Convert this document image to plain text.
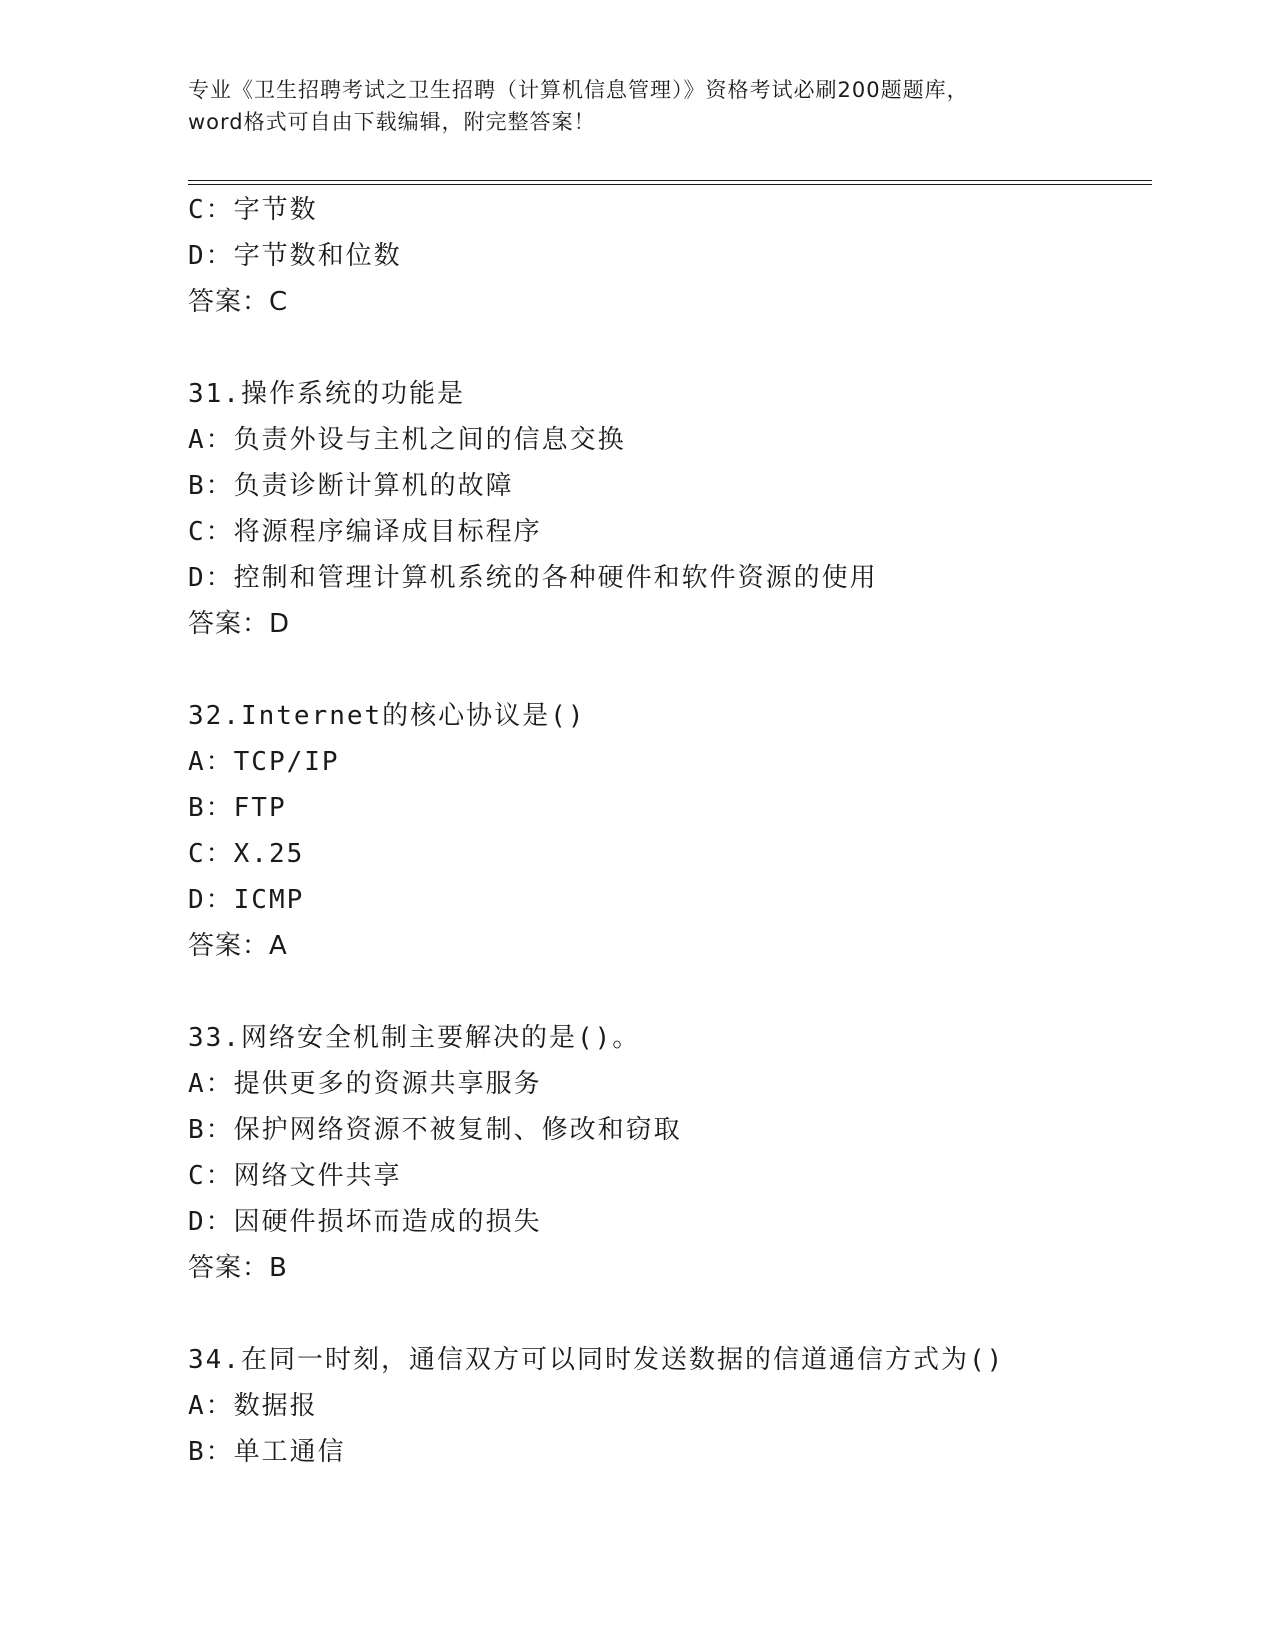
专业《卫生招聘考试之卫生招聘（计算机信息管理）》资格考试必刷200题题库，
word格式可自由下载编辑，附完整答案！
C：字节数
D：字节数和位数
答案：C
31.操作系统的功能是
A：负责外设与主机之间的信息交换
B：负责诊断计算机的故障
C：将源程序编译成目标程序
D：控制和管理计算机系统的各种硬件和软件资源的使用
答案：D
32.Internet的核心协议是()
A：TCP/IP
B：FTP
C：X.25
D：ICMP
答案：A
33.网络安全机制主要解决的是()。
A：提供更多的资源共享服务
B：保护网络资源不被复制、修改和窃取
C：网络文件共享
D：因硬件损坏而造成的损失
答案：B
34.在同一时刻，通信双方可以同时发送数据的信道通信方式为()
A：数据报
B：单工通信
